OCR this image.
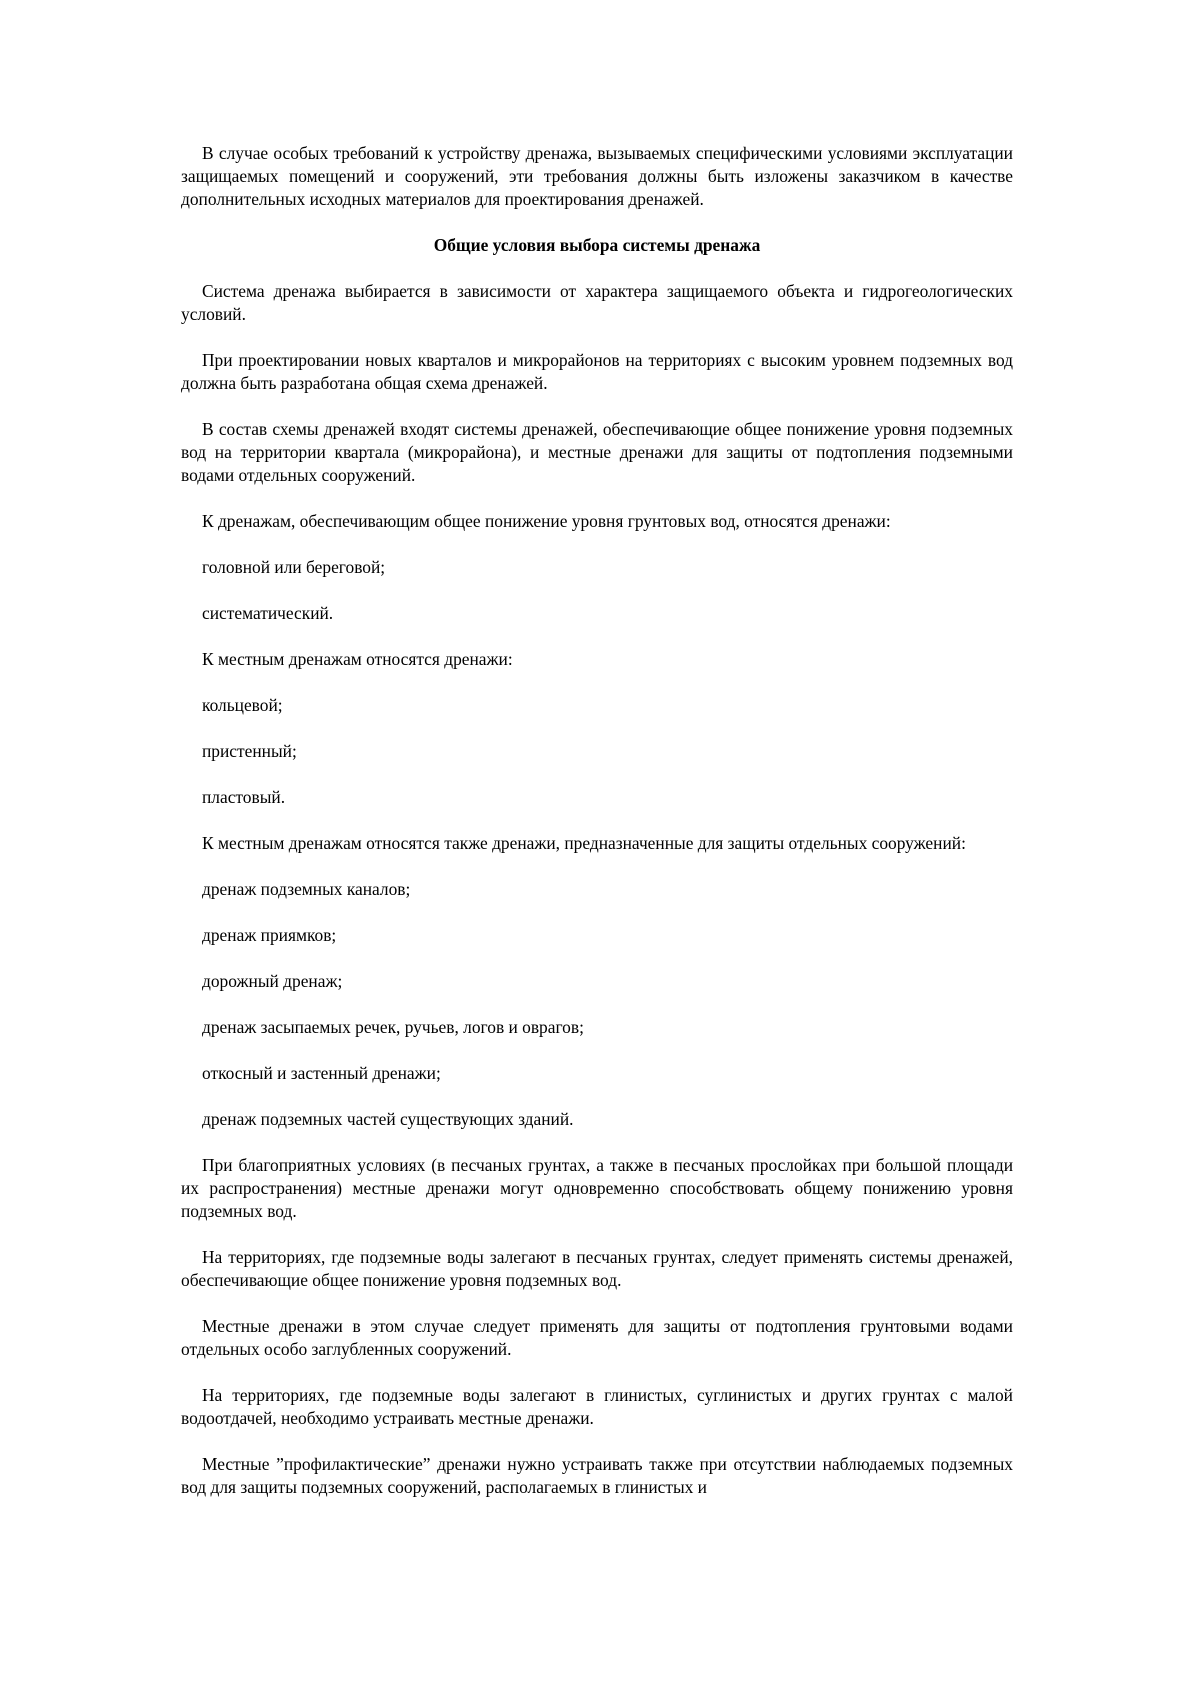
В случае особых требований к устройству дренажа, вызываемых специфическими условиями эксплуатации защищаемых помещений и сооружений, эти требования должны быть изложены заказчиком в качестве дополнительных исходных материалов для проектирования дренажей.

Общие условия выбора системы дренажа

Система дренажа выбирается в зависимости от характера защищаемого объекта и гидрогеологических условий.

При проектировании новых кварталов и микрорайонов на территориях с высоким уровнем подземных вод должна быть разработана общая схема дренажей.

В состав схемы дренажей входят системы дренажей, обеспечивающие общее понижение уровня подземных вод на территории квартала (микрорайона), и местные дренажи для защиты от подтопления подземными водами отдельных сооружений.

К дренажам, обеспечивающим общее понижение уровня грунтовых вод, относятся дренажи:

головной или береговой;

систематический.

К местным дренажам относятся дренажи:

кольцевой;

пристенный;

пластовый.

К местным дренажам относятся также дренажи, предназначенные для защиты отдельных сооружений:

дренаж подземных каналов;

дренаж приямков;

дорожный дренаж;

дренаж засыпаемых речек, ручьев, логов и оврагов;

откосный и застенный дренажи;

дренаж подземных частей существующих зданий.

При благоприятных условиях (в песчаных грунтах, а также в песчаных прослойках при большой площади их распространения) местные дренажи могут одновременно способствовать общему понижению уровня подземных вод.

На территориях, где подземные воды залегают в песчаных грунтах, следует применять системы дренажей, обеспечивающие общее понижение уровня подземных вод.

Местные дренажи в этом случае следует применять для защиты от подтопления грунтовыми водами отдельных особо заглубленных сооружений.

На территориях, где подземные воды залегают в глинистых, суглинистых и других грунтах с малой водоотдачей, необходимо устраивать местные дренажи.

Местные ”профилактические” дренажи нужно устраивать также при отсутствии наблюдаемых подземных вод для защиты подземных сооружений, располагаемых в глинистых и
